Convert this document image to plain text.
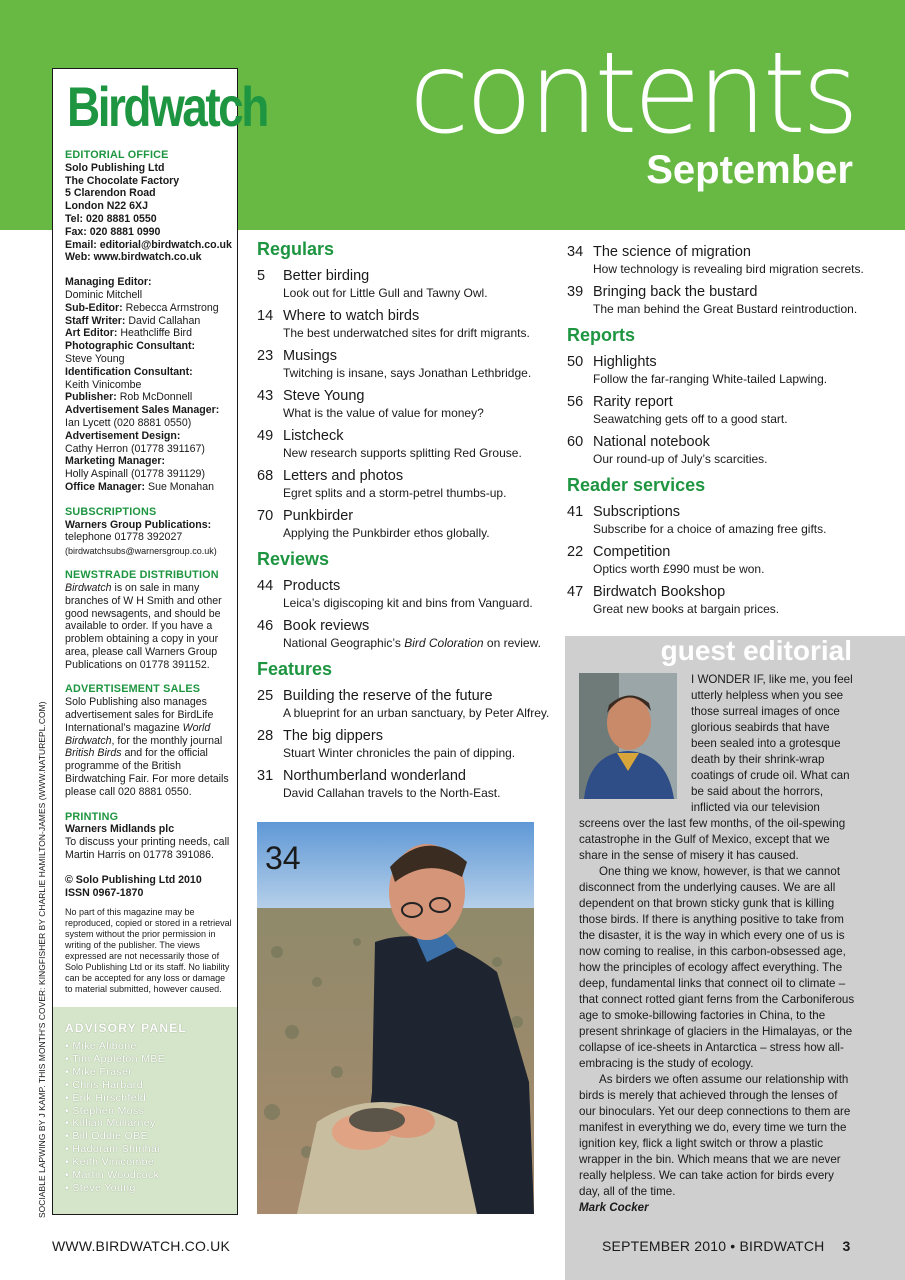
contents
September
Birdwatch
EDITORIAL OFFICE
Solo Publishing Ltd
The Chocolate Factory
5 Clarendon Road
London N22 6XJ
Tel: 020 8881 0550
Fax: 020 8881 0990
Email: editorial@birdwatch.co.uk
Web: www.birdwatch.co.uk
Managing Editor:
Dominic Mitchell
Sub-Editor: Rebecca Armstrong
Staff Writer: David Callahan
Art Editor: Heathcliffe Bird
Photographic Consultant:
Steve Young
Identification Consultant:
Keith Vinicombe
Publisher: Rob McDonnell
Advertisement Sales Manager:
Ian Lycett (020 8881 0550)
Advertisement Design:
Cathy Herron (01778 391167)
Marketing Manager:
Holly Aspinall (01778 391129)
Office Manager: Sue Monahan
SUBSCRIPTIONS
Warners Group Publications:
telephone 01778 392027
(birdwatchsubs@warnersgroup.co.uk)
NEWSTRADE DISTRIBUTION
Birdwatch is on sale in many branches of W H Smith and other good newsagents, and should be available to order. If you have a problem obtaining a copy in your area, please call Warners Group Publications on 01778 391152.
ADVERTISEMENT SALES
Solo Publishing also manages advertisement sales for BirdLife International’s magazine World Birdwatch, for the monthly journal British Birds and for the official programme of the British Birdwatching Fair. For more details please call 020 8881 0550.
PRINTING
Warners Midlands plc
To discuss your printing needs, call Martin Harris on 01778 391086.
© Solo Publishing Ltd 2010
ISSN 0967-1870
No part of this magazine may be reproduced, copied or stored in a retrieval system without the prior permission in writing of the publisher. The views expressed are not necessarily those of Solo Publishing Ltd or its staff. No liability can be accepted for any loss or damage to material submitted, however caused.
ADVISORY PANEL
• Mike Alibone
• Tim Appleton MBE
• Mike Fraser
• Chris Harbard
• Erik Hirschfeld
• Stephen Moss
• Killian Mullarney
• Bill Oddie OBE
• Hadoram Shirihai
• Keith Vinicombe
• Martin Woodcock
• Steve Young
SOCIABLE LAPWING BY J KAMP. THIS MONTH'S COVER: KINGFISHER BY CHARLIE HAMILTON-JAMES (WWW.NATUREPL.COM)
Regulars
5 Better birding
Look out for Little Gull and Tawny Owl.
14 Where to watch birds
The best underwatched sites for drift migrants.
23 Musings
Twitching is insane, says Jonathan Lethbridge.
43 Steve Young
What is the value of value for money?
49 Listcheck
New research supports splitting Red Grouse.
68 Letters and photos
Egret splits and a storm-petrel thumbs-up.
70 Punkbirder
Applying the Punkbirder ethos globally.
Reviews
44 Products
Leica’s digiscoping kit and bins from Vanguard.
46 Book reviews
National Geographic’s Bird Coloration on review.
Features
25 Building the reserve of the future
A blueprint for an urban sanctuary, by Peter Alfrey.
28 The big dippers
Stuart Winter chronicles the pain of dipping.
31 Northumberland wonderland
David Callahan travels to the North-East.
34 The science of migration
How technology is revealing bird migration secrets.
39 Bringing back the bustard
The man behind the Great Bustard reintroduction.
Reports
50 Highlights
Follow the far-ranging White-tailed Lapwing.
56 Rarity report
Seawatching gets off to a good start.
60 National notebook
Our round-up of July’s scarcities.
Reader services
41 Subscriptions
Subscribe for a choice of amazing free gifts.
22 Competition
Optics worth £990 must be won.
47 Birdwatch Bookshop
Great new books at bargain prices.
34
guest editorial

I WONDER IF, like me, you feel utterly helpless when you see those surreal images of once glorious seabirds that have been sealed into a grotesque death by their shrink-wrap coatings of crude oil. What can be said about the horrors, inflicted via our television screens over the last few months, of the oil-spewing catastrophe in the Gulf of Mexico, except that we share in the sense of misery it has caused.

One thing we know, however, is that we cannot disconnect from the underlying causes. We are all dependent on that brown sticky gunk that is killing those birds. If there is anything positive to take from the disaster, it is the way in which every one of us is now coming to realise, in this carbon-obsessed age, how the principles of ecology affect everything. The deep, fundamental links that connect oil to climate – that connect rotted giant ferns from the Carboniferous age to smoke-billowing factories in China, to the present shrinkage of glaciers in the Himalayas, or the collapse of ice-sheets in Antarctica – stress how all-embracing is the study of ecology.

As birders we often assume our relationship with birds is merely that achieved through the lenses of our binoculars. Yet our deep connections to them are manifest in everything we do, every time we turn the ignition key, flick a light switch or throw a plastic wrapper in the bin. Which means that we are never really helpless. We can take action for birds every day, all of the time.

Mark Cocker

WWW.BIRDWATCH.CO.UK	SEPTEMBER 2010 • BIRDWATCH 3
